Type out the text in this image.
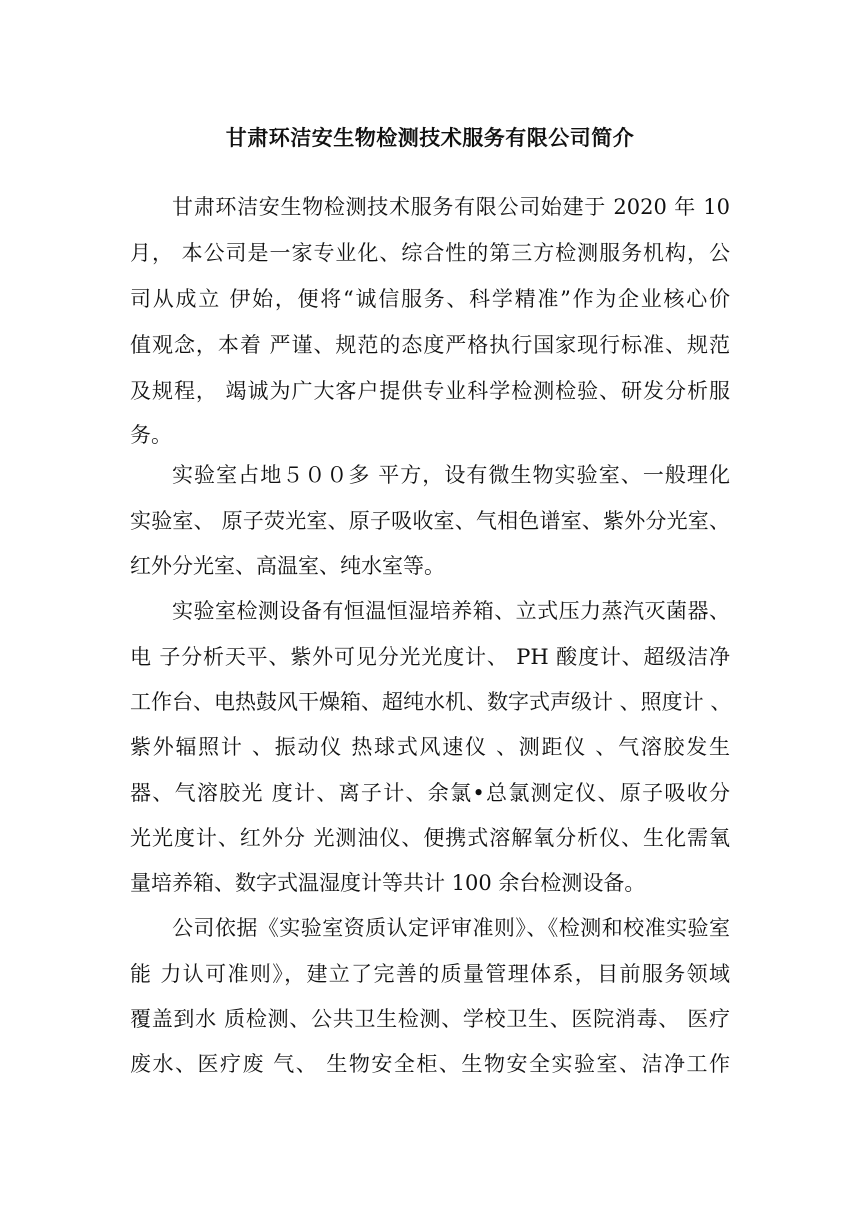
甘肃环洁安生物检测技术服务有限公司简介
甘肃环洁安生物检测技术服务有限公司始建于 2020 年 10
月， 本公司是一家专业化、综合性的第三方检测服务机构，公
司从成立 伊始，便将“诚信服务、科学精准”作为企业核心价
值观念，本着 严谨、规范的态度严格执行国家现行标准、规范
及规程， 竭诚为广大客户提供专业科学检测检验、研发分析服
务。
实验室占地５００多 平方，设有微生物实验室、一般理化
实验室、 原子荧光室、原子吸收室、气相色谱室、紫外分光室、
红外分光室、高温室、纯水室等。
实验室检测设备有恒温恒湿培养箱、立式压力蒸汽灭菌器、
电 子分析天平、紫外可见分光光度计、 PH 酸度计、超级洁净
工作台、电热鼓风干燥箱、超纯水机、数字式声级计 、照度计 、
紫外辐照计 、振动仪 热球式风速仪 、测距仪 、气溶胶发生
器、气溶胶光 度计、离子计、余氯•总氯测定仪、原子吸收分
光光度计、红外分 光测油仪、便携式溶解氧分析仪、生化需氧
量培养箱、数字式温湿度计等共计 100 余台检测设备。
公司依据《实验室资质认定评审准则》、《检测和校准实验室
能 力认可准则》，建立了完善的质量管理体系，目前服务领域
覆盖到水 质检测、公共卫生检测、学校卫生、医院消毒、 医疗
废水、医疗废 气、 生物安全柜、生物安全实验室、洁净工作
